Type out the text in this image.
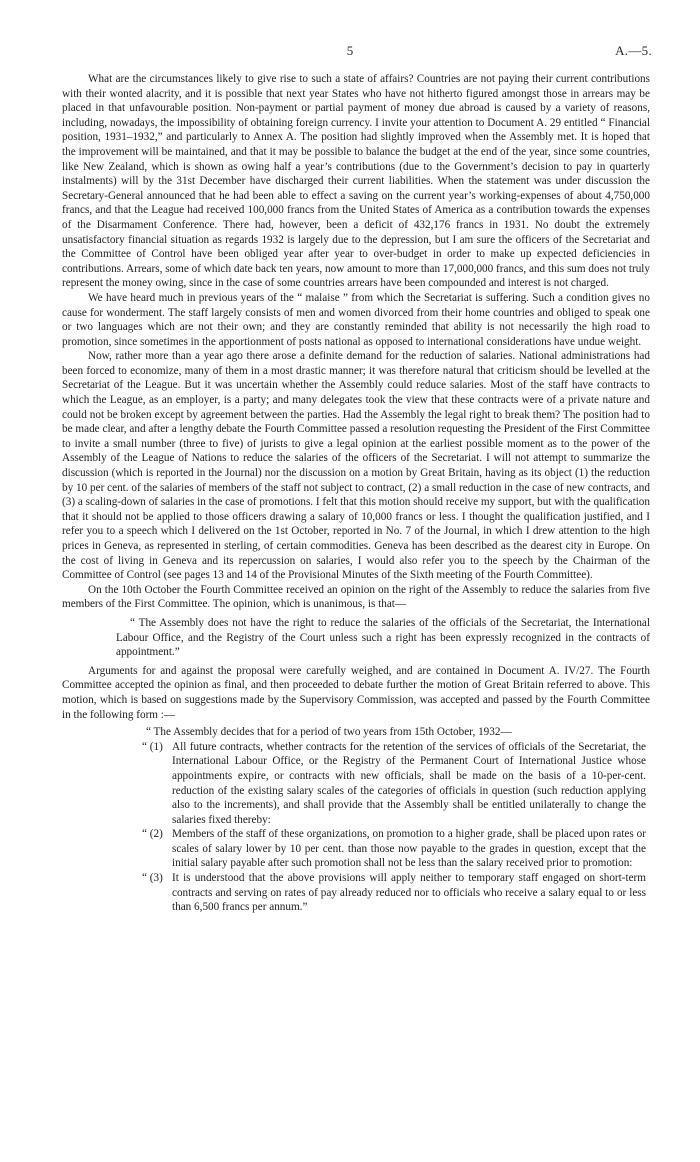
5	A.—5.

What are the circumstances likely to give rise to such a state of affairs? Countries are not paying their current contributions with their wonted alacrity, and it is possible that next year States who have not hitherto figured amongst those in arrears may be placed in that unfavourable position. Non-payment or partial payment of money due abroad is caused by a variety of reasons, including, nowadays, the impossibility of obtaining foreign currency. I invite your attention to Document A. 29 entitled “ Financial position, 1931–1932,” and particularly to Annex A. The position had slightly improved when the Assembly met. It is hoped that the improvement will be maintained, and that it may be possible to balance the budget at the end of the year, since some countries, like New Zealand, which is shown as owing half a year’s contributions (due to the Government’s decision to pay in quarterly instalments) will by the 31st December have discharged their current liabilities. When the statement was under discussion the Secretary-General announced that he had been able to effect a saving on the current year’s working-expenses of about 4,750,000 francs, and that the League had received 100,000 francs from the United States of America as a contribution towards the expenses of the Disarmament Conference. There had, however, been a deficit of 432,176 francs in 1931. No doubt the extremely unsatisfactory financial situation as regards 1932 is largely due to the depression, but I am sure the officers of the Secretariat and the Committee of Control have been obliged year after year to over-budget in order to make up expected deficiencies in contributions. Arrears, some of which date back ten years, now amount to more than 17,000,000 francs, and this sum does not truly represent the money owing, since in the case of some countries arrears have been compounded and interest is not charged.

We have heard much in previous years of the “ malaise ” from which the Secretariat is suffering. Such a condition gives no cause for wonderment. The staff largely consists of men and women divorced from their home countries and obliged to speak one or two languages which are not their own; and they are constantly reminded that ability is not necessarily the high road to promotion, since sometimes in the apportionment of posts national as opposed to international considerations have undue weight.

Now, rather more than a year ago there arose a definite demand for the reduction of salaries. National administrations had been forced to economize, many of them in a most drastic manner; it was therefore natural that criticism should be levelled at the Secretariat of the League. But it was uncertain whether the Assembly could reduce salaries. Most of the staff have contracts to which the League, as an employer, is a party; and many delegates took the view that these contracts were of a private nature and could not be broken except by agreement between the parties. Had the Assembly the legal right to break them? The position had to be made clear, and after a lengthy debate the Fourth Committee passed a resolution requesting the President of the First Committee to invite a small number (three to five) of jurists to give a legal opinion at the earliest possible moment as to the power of the Assembly of the League of Nations to reduce the salaries of the officers of the Secretariat. I will not attempt to summarize the discussion (which is reported in the Journal) nor the discussion on a motion by Great Britain, having as its object (1) the reduction by 10 per cent. of the salaries of members of the staff not subject to contract, (2) a small reduction in the case of new contracts, and (3) a scaling-down of salaries in the case of promotions. I felt that this motion should receive my support, but with the qualification that it should not be applied to those officers drawing a salary of 10,000 francs or less. I thought the qualification justified, and I refer you to a speech which I delivered on the 1st October, reported in No. 7 of the Journal, in which I drew attention to the high prices in Geneva, as represented in sterling, of certain commodities. Geneva has been described as the dearest city in Europe. On the cost of living in Geneva and its repercussion on salaries, I would also refer you to the speech by the Chairman of the Committee of Control (see pages 13 and 14 of the Provisional Minutes of the Sixth meeting of the Fourth Committee).

On the 10th October the Fourth Committee received an opinion on the right of the Assembly to reduce the salaries from five members of the First Committee. The opinion, which is unanimous, is that—

“ The Assembly does not have the right to reduce the salaries of the officials of the Secretariat, the International Labour Office, and the Registry of the Court unless such a right has been expressly recognized in the contracts of appointment.”

Arguments for and against the proposal were carefully weighed, and are contained in Document A. IV/27. The Fourth Committee accepted the opinion as final, and then proceeded to debate further the motion of Great Britain referred to above. This motion, which is based on suggestions made by the Supervisory Commission, was accepted and passed by the Fourth Committee in the following form :—

“ The Assembly decides that for a period of two years from 15th October, 1932—

“ (1) All future contracts, whether contracts for the retention of the services of officials of the Secretariat, the International Labour Office, or the Registry of the Permanent Court of International Justice whose appointments expire, or contracts with new officials, shall be made on the basis of a 10-per-cent. reduction of the existing salary scales of the categories of officials in question (such reduction applying also to the increments), and shall provide that the Assembly shall be entitled unilaterally to change the salaries fixed thereby:

“ (2) Members of the staff of these organizations, on promotion to a higher grade, shall be placed upon rates or scales of salary lower by 10 per cent. than those now payable to the grades in question, except that the initial salary payable after such promotion shall not be less than the salary received prior to promotion:

“ (3) It is understood that the above provisions will apply neither to temporary staff engaged on short-term contracts and serving on rates of pay already reduced nor to officials who receive a salary equal to or less than 6,500 francs per annum.”
